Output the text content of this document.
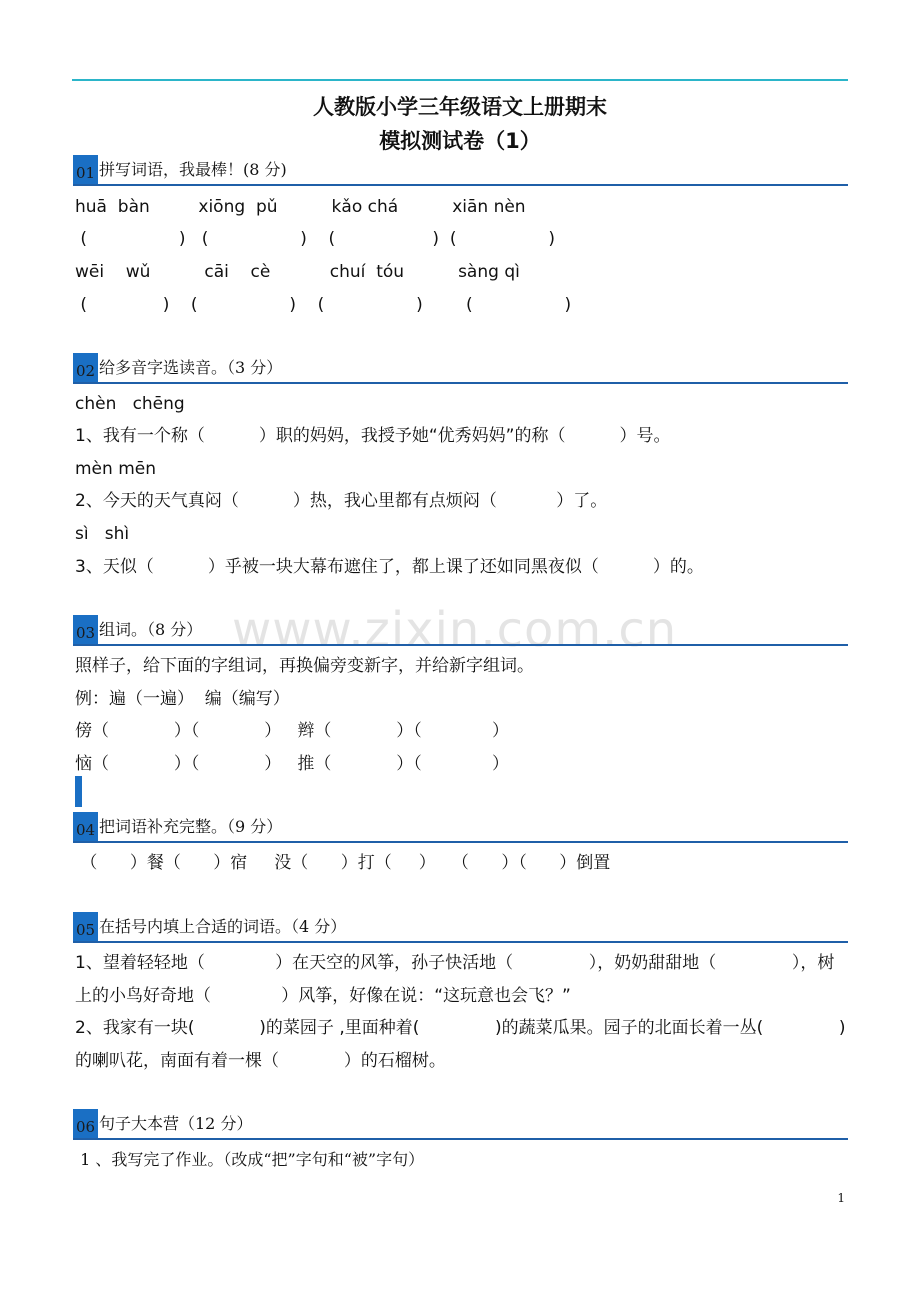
人教版小学三年级语文上册期末
模拟测试卷（1）
www.zixin.com.cn
01 拼写词语，我最棒！(8 分)
huā  bàn         xiōng  pǔ          kǎo chá          xiān nèn
(                 )   (                 )    (                  )  (                 )
wēi    wǔ          cāi    cè           chuí  tóu          sàng qì
(              )    (                 )    (                 )        (                 )
02 给多音字选读音。（3 分）
chèn   chēng
1、我有一个称（          ）职的妈妈，我授予她“优秀妈妈”的称（          ）号。
mèn mēn
2、今天的天气真闷（          ）热，我心里都有点烦闷（           ）了。
sì   shì
3、天似（          ）乎被一块大幕布遮住了，都上课了还如同黑夜似（          ）的。
03 组词。（8 分）
照样子，给下面的字组词，再换偏旁变新字，并给新字组词。
例：遍（一遍）  编（编写）
傍（            ）（            ）   辫（            ）（             ）
恼（            ）（            ）   推（            ）（             ）
04 把词语补充完整。（9 分）
（      ）餐（      ）宿     没（      ）打（     ）   （      ）（      ）倒置
05 在括号内填上合适的词语。（4 分）
1、望着轻轻地（             ）在天空的风筝，孙子快活地（              ），奶奶甜甜地（              ），树
上的小鸟好奇地（             ）风筝，好像在说：“这玩意也会飞？”
2、我家有一块(            )的菜园子 ,里面种着(              )的蔬菜瓜果。园子的北面长着一丛(              )
的喇叭花，南面有着一棵（            ）的石榴树。
06 句子大本营（12 分）
1 、我写完了作业。（改成“把”字句和“被”字句）
1
